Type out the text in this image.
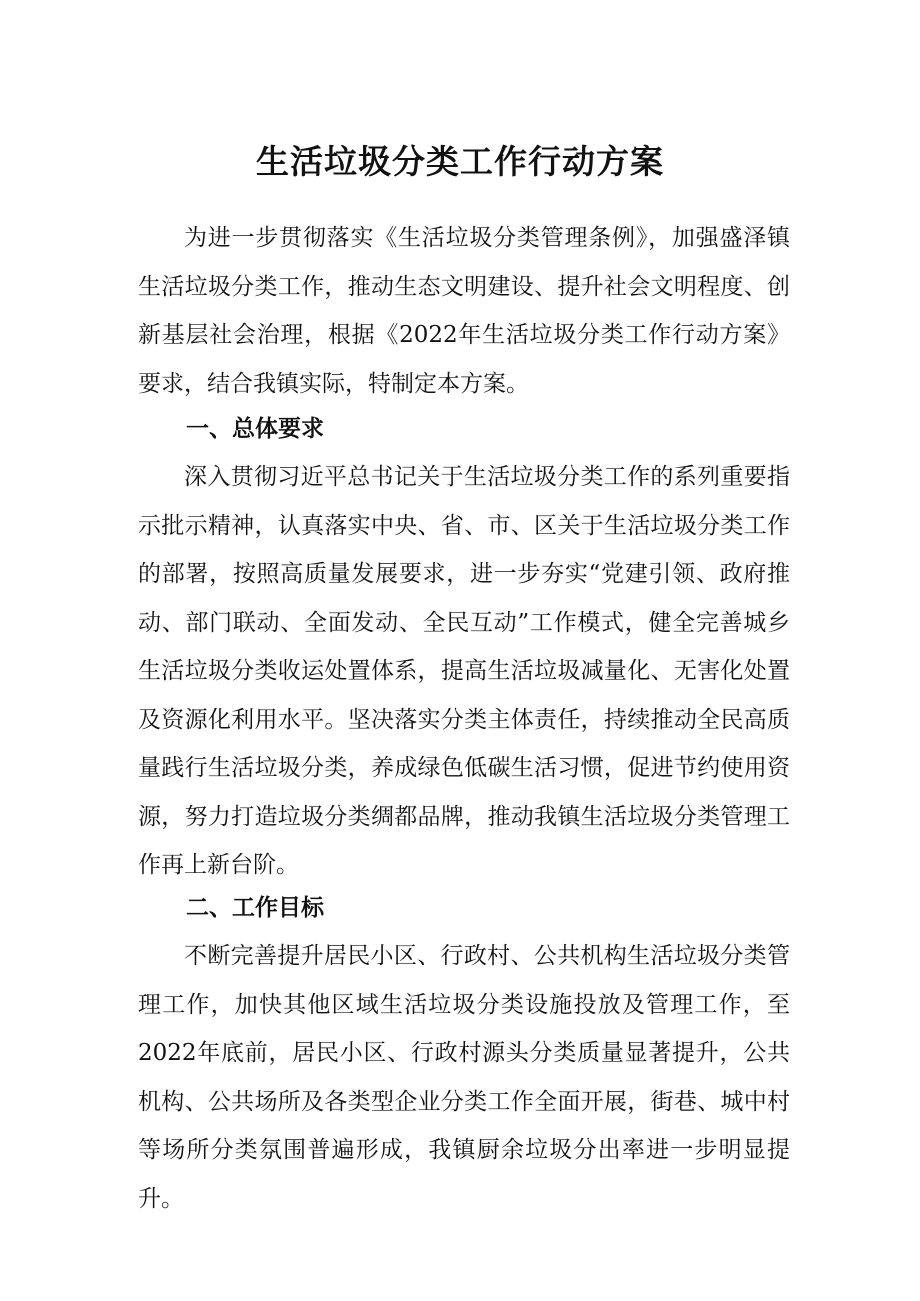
生活垃圾分类工作行动方案

为进一步贯彻落实《生活垃圾分类管理条例》，加强盛泽镇生活垃圾分类工作，推动生态文明建设、提升社会文明程度、创新基层社会治理，根据《2022年生活垃圾分类工作行动方案》要求，结合我镇实际，特制定本方案。

一、总体要求

深入贯彻习近平总书记关于生活垃圾分类工作的系列重要指示批示精神，认真落实中央、省、市、区关于生活垃圾分类工作的部署，按照高质量发展要求，进一步夯实“党建引领、政府推动、部门联动、全面发动、全民互动”工作模式，健全完善城乡生活垃圾分类收运处置体系，提高生活垃圾减量化、无害化处置及资源化利用水平。坚决落实分类主体责任，持续推动全民高质量践行生活垃圾分类，养成绿色低碳生活习惯，促进节约使用资源，努力打造垃圾分类绸都品牌，推动我镇生活垃圾分类管理工作再上新台阶。

二、工作目标

不断完善提升居民小区、行政村、公共机构生活垃圾分类管理工作，加快其他区域生活垃圾分类设施投放及管理工作，至2022年底前，居民小区、行政村源头分类质量显著提升，公共机构、公共场所及各类型企业分类工作全面开展，街巷、城中村等场所分类氛围普遍形成，我镇厨余垃圾分出率进一步明显提升。
